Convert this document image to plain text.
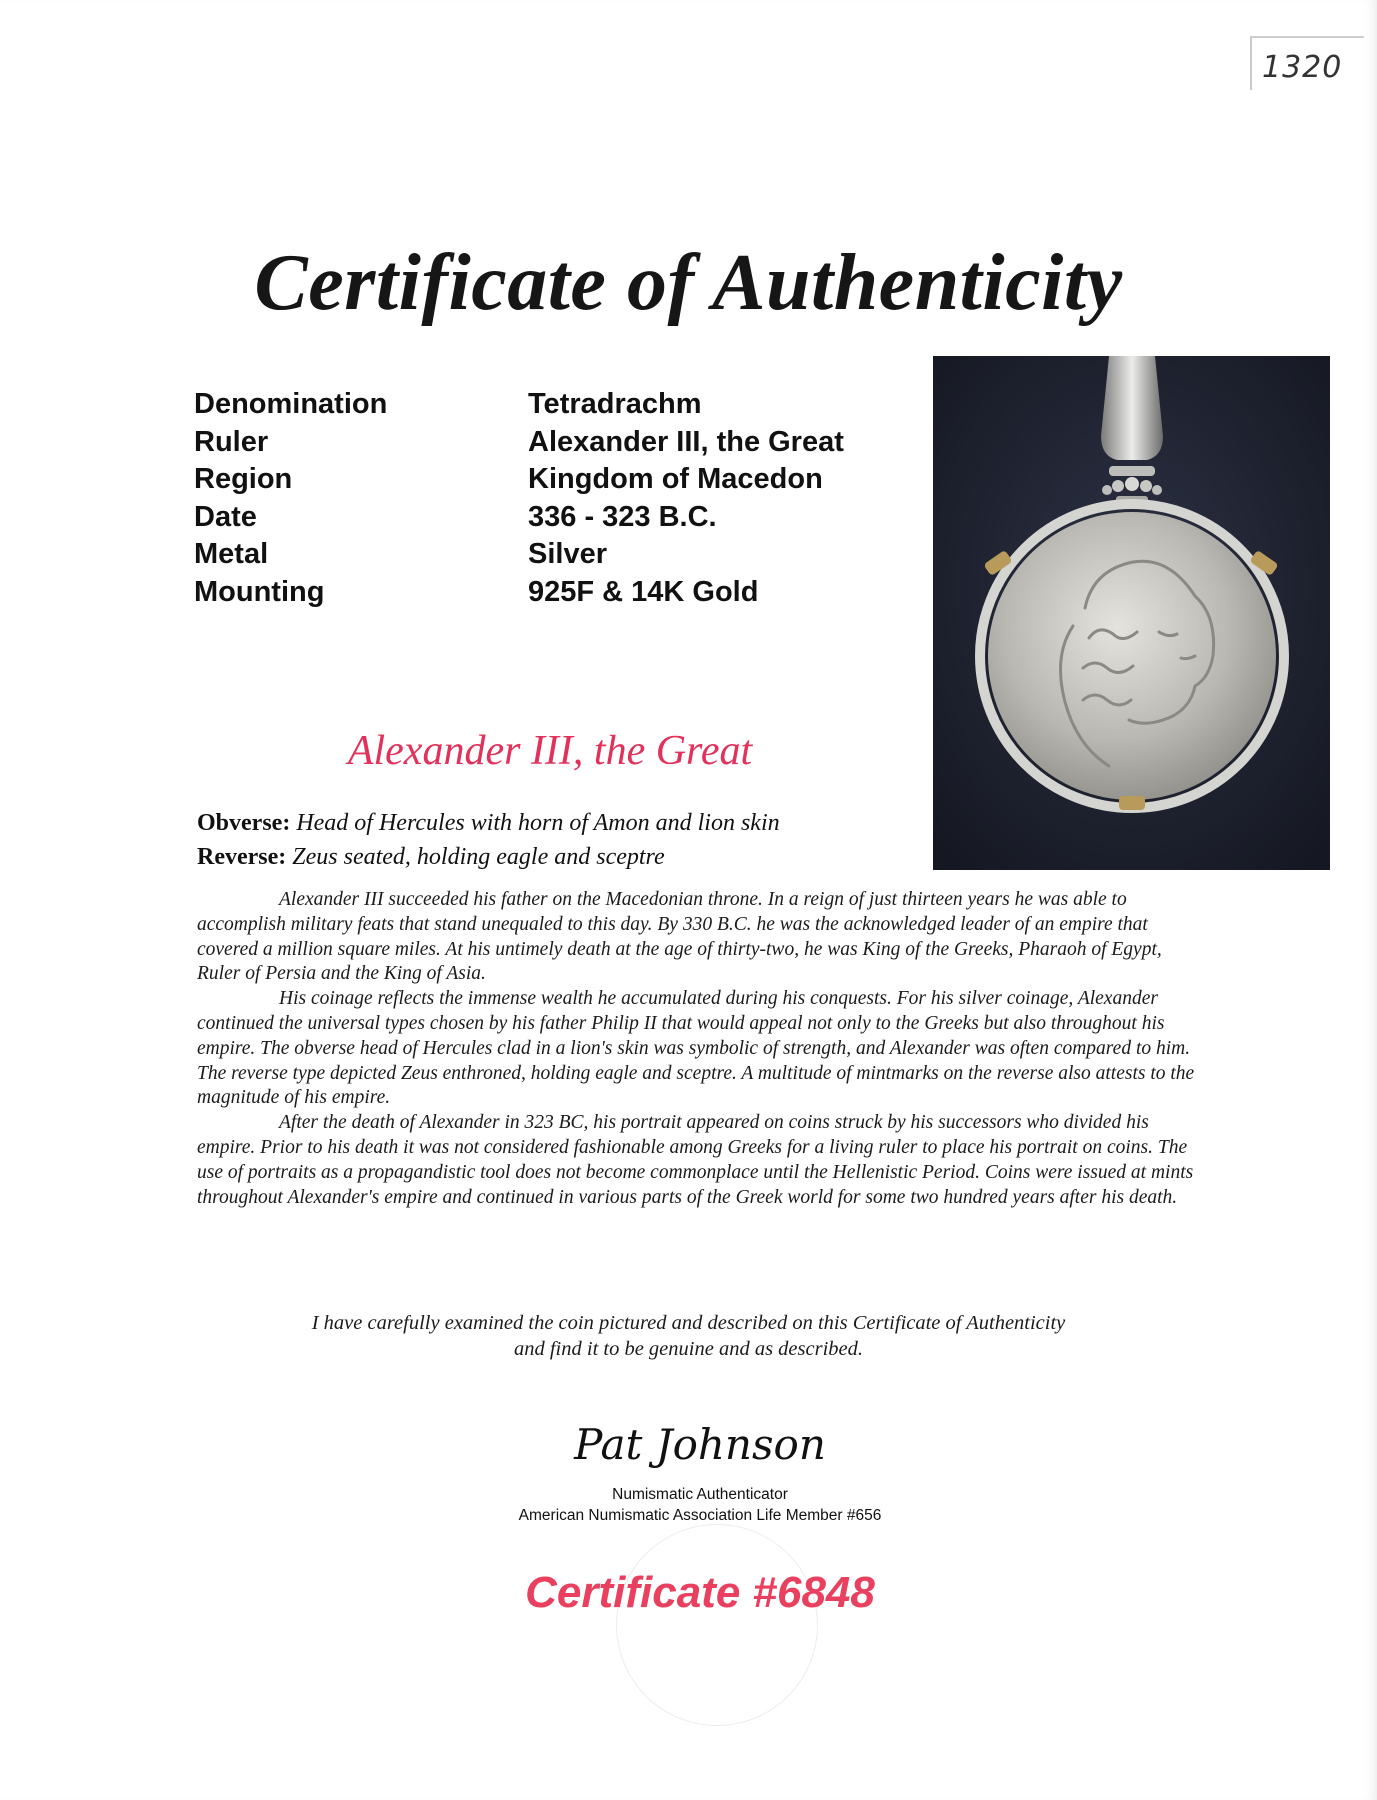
1320
Certificate of Authenticity
Denomination	Tetradrachm
Ruler	Alexander III, the Great
Region	Kingdom of Macedon
Date	336 - 323 B.C.
Metal	Silver
Mounting	925F & 14K Gold
Alexander III, the Great
Obverse: Head of Hercules with horn of Amon and lion skin
Reverse: Zeus seated, holding eagle and sceptre

Alexander III succeeded his father on the Macedonian throne. In a reign of just thirteen years he was able to accomplish military feats that stand unequaled to this day. By 330 B.C. he was the acknowledged leader of an empire that covered a million square miles. At his untimely death at the age of thirty-two, he was King of the Greeks, Pharaoh of Egypt, Ruler of Persia and the King of Asia.

His coinage reflects the immense wealth he accumulated during his conquests. For his silver coinage, Alexander continued the universal types chosen by his father Philip II that would appeal not only to the Greeks but also throughout his empire. The obverse head of Hercules clad in a lion's skin was symbolic of strength, and Alexander was often compared to him. The reverse type depicted Zeus enthroned, holding eagle and sceptre. A multitude of mintmarks on the reverse also attests to the magnitude of his empire.

After the death of Alexander in 323 BC, his portrait appeared on coins struck by his successors who divided his empire. Prior to his death it was not considered fashionable among Greeks for a living ruler to place his portrait on coins. The use of portraits as a propagandistic tool does not become commonplace until the Hellenistic Period. Coins were issued at mints throughout Alexander's empire and continued in various parts of the Greek world for some two hundred years after his death.

I have carefully examined the coin pictured and described on this Certificate of Authenticity
and find it to be genuine and as described.
Pat Johnson
Numismatic Authenticator
American Numismatic Association Life Member #656
Certificate #6848
